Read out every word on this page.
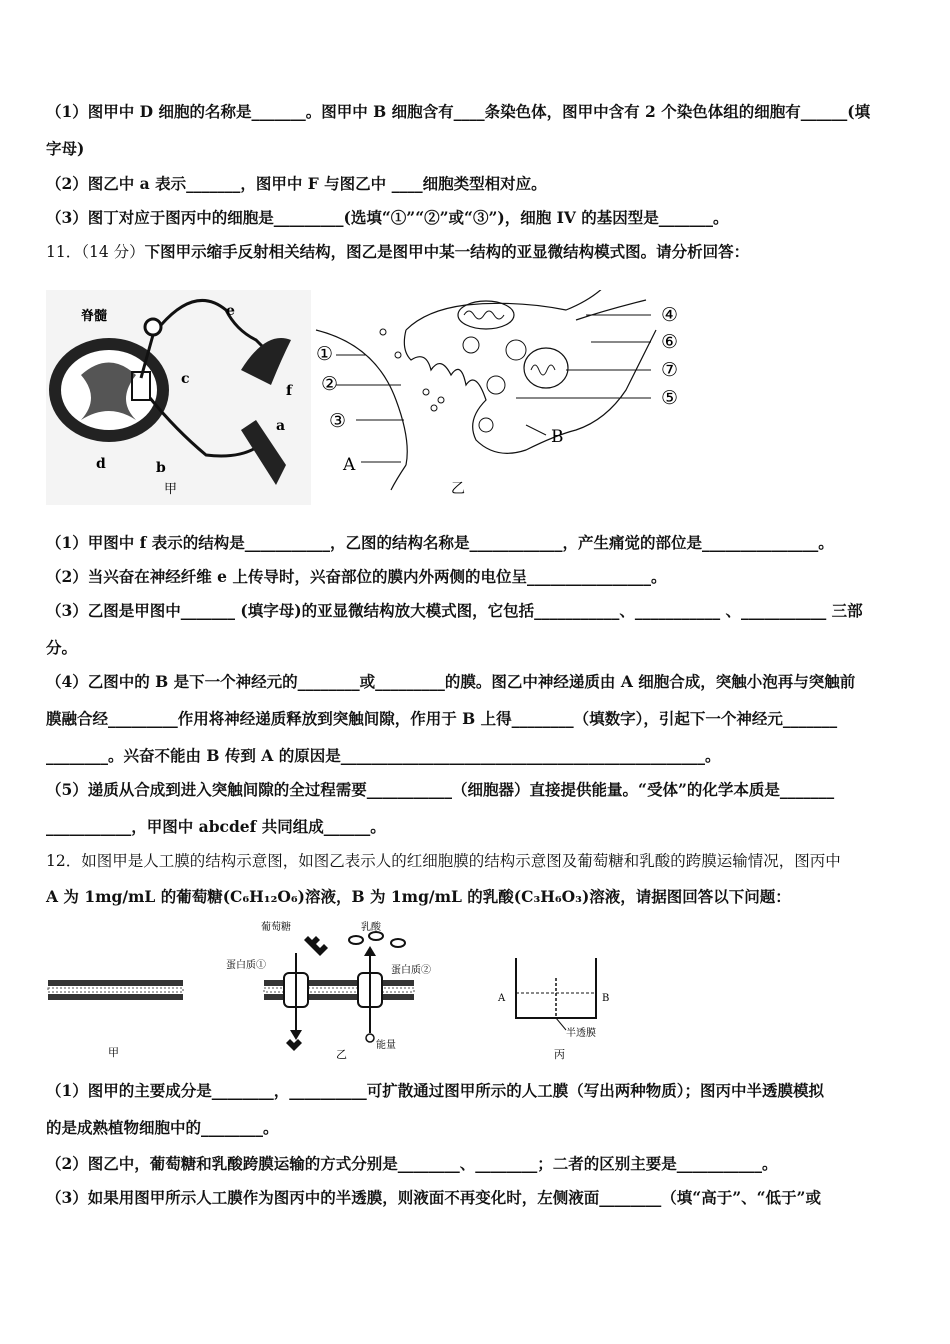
（1）图甲中 D 细胞的名称是_______。图甲中 B 细胞含有____条染色体，图甲中含有 2 个染色体组的细胞有______(填
字母)
（2）图乙中 a 表示_______，图甲中 F 与图乙中 ____细胞类型相对应。
（3）图丁对应于图丙中的细胞是_________(选填“①”“②”或“③”)，细胞 IV 的基因型是_______。
11．（14 分）下图甲示缩手反射相关结构，图乙是图甲中某一结构的亚显微结构模式图。请分析回答：
脊髓
a
b
c
d
e
f
甲
①
②
③
A
④
⑥
⑦
⑤
B
乙
（1）甲图中 f 表示的结构是___________，乙图的结构名称是____________，产生痛觉的部位是_______________。
（2）当兴奋在神经纤维 e 上传导时，兴奋部位的膜内外两侧的电位呈________________。
（3）乙图是甲图中_______ (填字母)的亚显微结构放大模式图，它包括___________、___________ 、___________ 三部
分。
（4）乙图中的 B 是下一个神经元的________或_________的膜。图乙中神经递质由 A 细胞合成，突触小泡再与突触前
膜融合经_________作用将神经递质释放到突触间隙，作用于 B 上得________（填数字），引起下一个神经元_______
________。兴奋不能由 B 传到 A 的原因是_______________________________________________。
（5）递质从合成到进入突触间隙的全过程需要___________（细胞器）直接提供能量。“受体”的化学本质是_______
___________，甲图中 abcdef 共同组成______。
12．如图甲是人工膜的结构示意图，如图乙表示人的红细胞膜的结构示意图及葡萄糖和乳酸的跨膜运输情况，图丙中
A 为 1mg/mL 的葡萄糖(C₆H₁₂O₆)溶液，B 为 1mg/mL 的乳酸(C₃H₆O₃)溶液，请据图回答以下问题：
甲
葡萄糖	乳酸
蛋白质①	蛋白质②
能量
乙
A	B
半透膜
丙
（1）图甲的主要成分是________，__________可扩散通过图甲所示的人工膜（写出两种物质）；图丙中半透膜模拟
的是成熟植物细胞中的________。
（2）图乙中，葡萄糖和乳酸跨膜运输的方式分别是________、________；二者的区别主要是___________。
（3）如果用图甲所示人工膜作为图丙中的半透膜，则液面不再变化时，左侧液面________（填“高于”、“低于”或
